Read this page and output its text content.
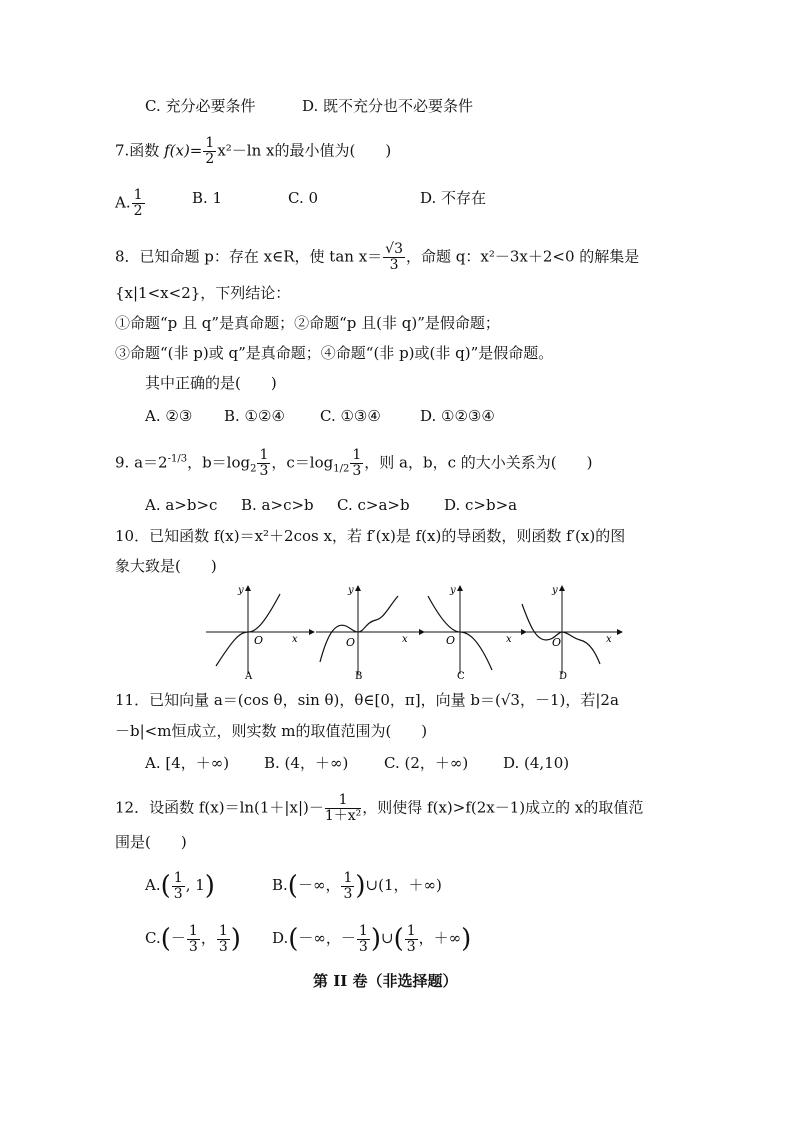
C. 充分必要条件	D. 既不充分也不必要条件
7.函数 $f(x)= \frac{1}{2} x^2-\ln$ x的最小值为(　　)
A. $\frac{1}{2}$	B. 1	C. 0	D. 不存在
8．已知命题 p：存在 x∈R，使 $\tan x= \frac{√3}{3}$ ，命题 q：x²－3x＋2<0 的解集是
{x|1<x<2}，下列结论：
①命题“p 且 q”是真命题；②命题“p 且(非 q)”是假命题；
③命题“(非 p)或 q”是真命题；④命题“(非 p)或(非 q)”是假命题。
其中正确的是(　　)
A. ②③ B. ①②④ C. ①③④	D. ①②③④
9. $a=2^{-1/3}$，$b=\log_2 \frac{1}{3}$ ，$c=\log_{1/2} \frac{1}{3}$ ，则 a，b，c 的大小关系为(　　)
A. a>b>c B. a>c>b C. c>a>b D. c>b>a
10．已知函数 f(x)＝x²＋2cos x，若 f′(x)是 f(x)的导函数，则函数 f′(x)的图
象大致是(　　)
y
x
O
A
y
x
O
B
y
x
O
C
y
x
O
D
11．已知向量 a＝(cos θ，sin θ)，θ∈[0，π]，向量 b＝(√3，－1)，若|2a
－b|<m恒成立，则实数 m的取值范围为(　　)
A. [4，＋∞) B. (4，＋∞) C. (2，＋∞) D. (4,10)
12．设函数 $f(x)=\ln(1+|x|)- \frac{1}{\text{1＋x²}}$ ，则使得 f(x)>f(2x－1)成立的 x的取值范
围是(　　)
$A.( \frac{1}{3}$ , 1)	B.(－∞， $\frac{1}{3}$ )∪(1，＋∞)
$C.(- \frac{1}{3}$ ， $\frac{1}{3}$ ) D.(－∞，－ $\frac{1}{3}$ )∪( $\frac{1}{3}$ ，＋∞)
第 II 卷（非选择题）
